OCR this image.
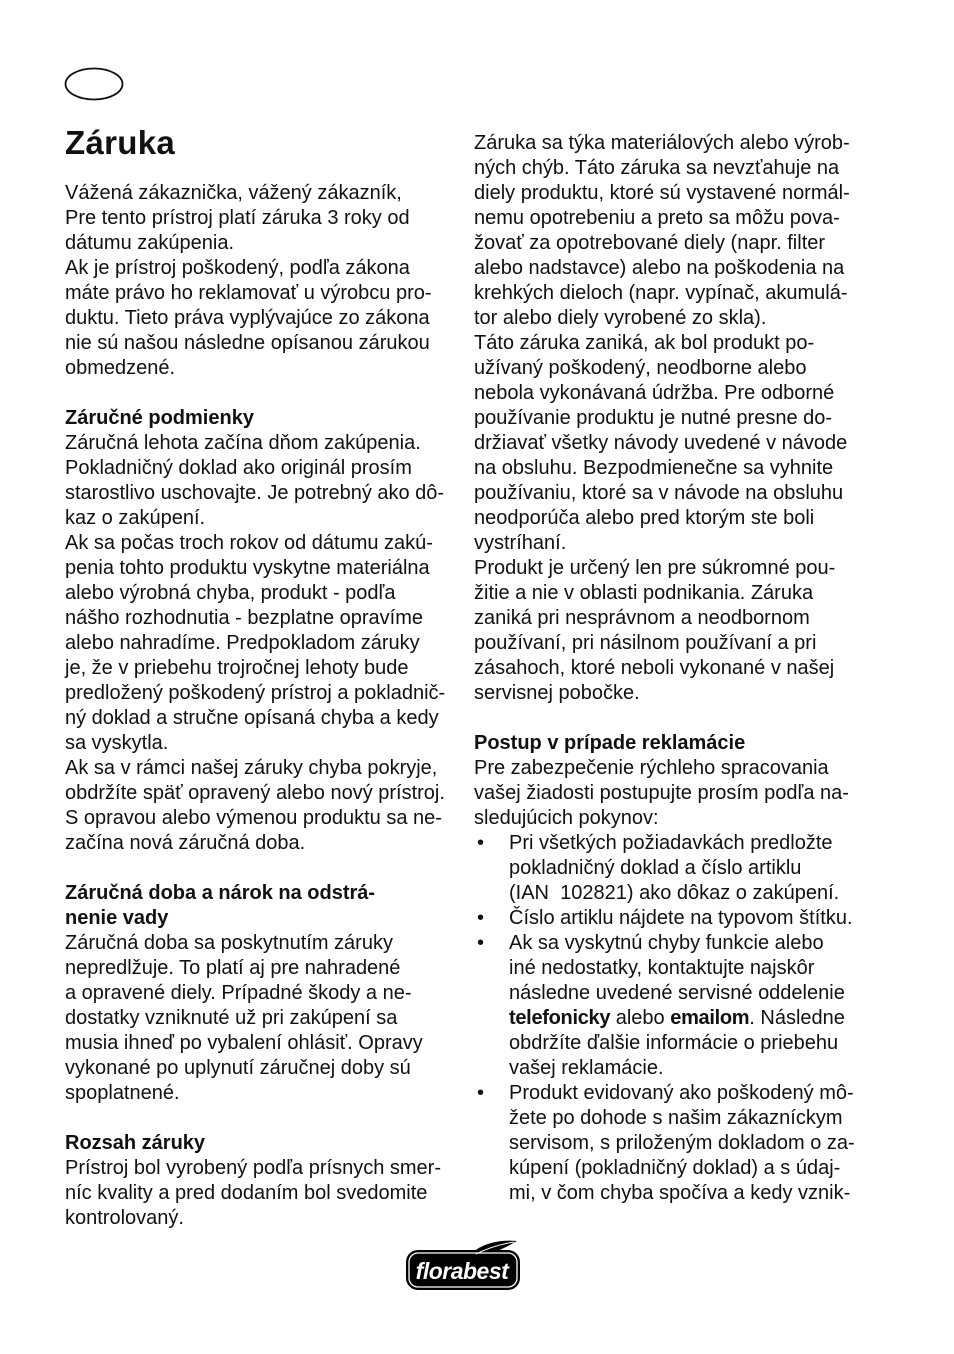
Záruka
Vážená zákaznička, vážený zákazník,
Pre tento prístroj platí záruka 3 roky od
dátumu zakúpenia.
Ak je prístroj poškodený, podľa zákona
máte právo ho reklamovať u výrobcu pro-
duktu. Tieto práva vyplývajúce zo zákona
nie sú našou následne opísanou zárukou
obmedzené.
Záručné podmienky
Záručná lehota začína dňom zakúpenia.
Pokladničný doklad ako originál prosím
starostlivo uschovajte. Je potrebný ako dô-
kaz o zakúpení.
Ak sa počas troch rokov od dátumu zakú-
penia tohto produktu vyskytne materiálna
alebo výrobná chyba, produkt - podľa
nášho rozhodnutia - bezplatne opravíme
alebo nahradíme. Predpokladom záruky
je, že v priebehu trojročnej lehoty bude
predložený poškodený prístroj a pokladnič-
ný doklad a stručne opísaná chyba a kedy
sa vyskytla.
Ak sa v rámci našej záruky chyba pokryje,
obdržíte späť opravený alebo nový prístroj.
S opravou alebo výmenou produktu sa ne-
začína nová záručná doba.
Záručná doba a nárok na odstrá-
nenie vady
Záručná doba sa poskytnutím záruky
nepredlžuje. To platí aj pre nahradené
a opravené diely. Prípadné škody a ne-
dostatky vzniknuté už pri zakúpení sa
musia ihneď po vybalení ohlásiť. Opravy
vykonané po uplynutí záručnej doby sú
spoplatnené.
Rozsah záruky
Prístroj bol vyrobený podľa prísnych smer-
níc kvality a pred dodaním bol svedomite
kontrolovaný.
Záruka sa týka materiálových alebo výrob-
ných chýb. Táto záruka sa nevzťahuje na
diely produktu, ktoré sú vystavené normál-
nemu opotrebeniu a preto sa môžu pova-
žovať za opotrebované diely (napr. filter
alebo nadstavce) alebo na poškodenia na
krehkých dieloch (napr. vypínač, akumulá-
tor alebo diely vyrobené zo skla).
Táto záruka zaniká, ak bol produkt po-
užívaný poškodený, neodborne alebo
nebola vykonávaná údržba. Pre odborné
používanie produktu je nutné presne do-
držiavať všetky návody uvedené v návode
na obsluhu. Bezpodmienečne sa vyhnite
používaniu, ktoré sa v návode na obsluhu
neodporúča alebo pred ktorým ste boli
vystríhaní.
Produkt je určený len pre súkromné pou-
žitie a nie v oblasti podnikania. Záruka
zaniká pri nesprávnom a neodbornom
používaní, pri násilnom používaní a pri
zásahoch, ktoré neboli vykonané v našej
servisnej pobočke.
Postup v prípade reklamácie
Pre zabezpečenie rýchleho spracovania
vašej žiadosti postupujte prosím podľa na-
sledujúcich pokynov:
•
Pri všetkých požiadavkách predložte
pokladničný doklad a číslo artiklu
(IAN  102821) ako dôkaz o zakúpení.
•
Číslo artiklu nájdete na typovom štítku.
•
Ak sa vyskytnú chyby funkcie alebo
iné nedostatky, kontaktujte najskôr
následne uvedené servisné oddelenie
telefonicky alebo emailom. Následne
obdržíte ďalšie informácie o priebehu
vašej reklamácie.
•
Produkt evidovaný ako poškodený mô-
žete po dohode s našim zákazníckym
servisom, s priloženým dokladom o za-
kúpení (pokladničný doklad) a s údaj-
mi, v čom chyba spočíva a kedy vznik-
florabest
